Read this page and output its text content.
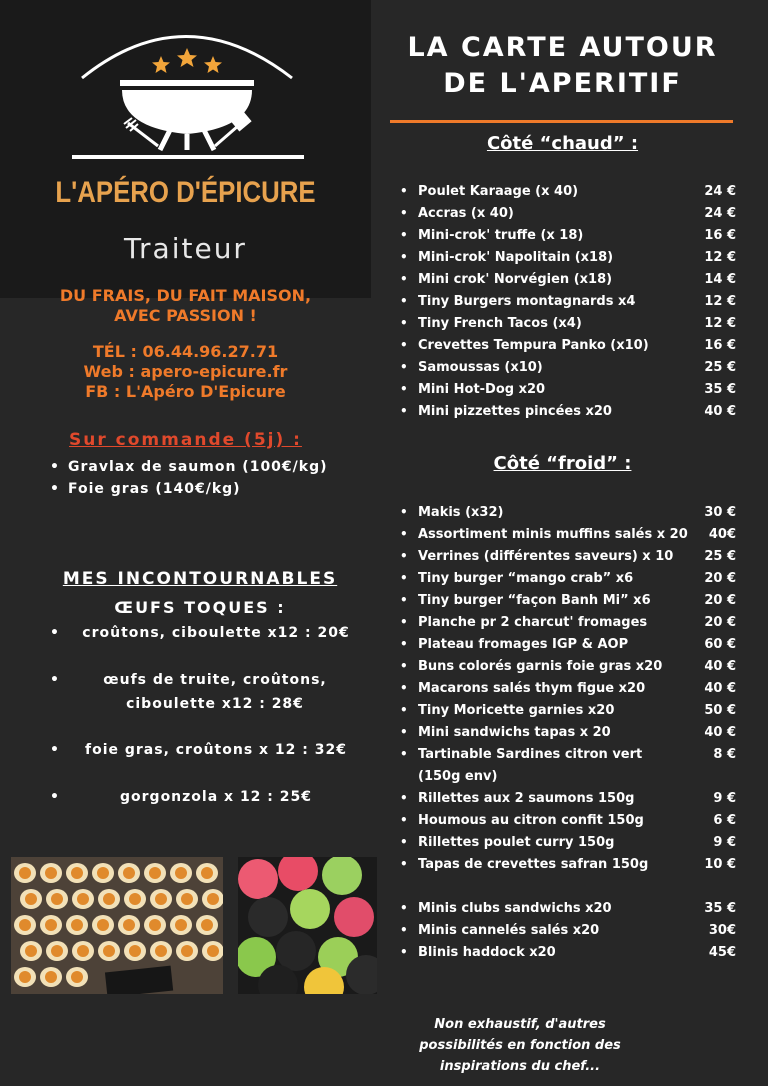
L'APÉRO D'ÉPICURE
Traiteur
DU FRAIS, DU FAIT MAISON,
AVEC PASSION !
TÉL : 06.44.96.27.71
Web : apero-epicure.fr
FB : L'Apéro D'Epicure
Sur commande (5j) :
• Gravlax de saumon (100€/kg)
• Foie gras (140€/kg)
MES INCONTOURNABLES
ŒUFS TOQUES :
•	croûtons, ciboulette x12 : 20€
•	œufs de truite, croûtons, ciboulette x12 : 28€
•	foie gras, croûtons x 12 : 32€
•	gorgonzola x 12 : 25€
LA CARTE AUTOUR
DE L'APERITIF
Côté “chaud” :
• Poulet Karaage (x 40)	24 €
• Accras (x 40)	24 €
• Mini-crok' truffe (x 18)	16 €
• Mini-crok' Napolitain (x18)	12 €
• Mini crok' Norvégien (x18)	14 €
• Tiny Burgers montagnards x4	12 €
• Tiny French Tacos (x4)	12 €
• Crevettes Tempura Panko (x10)	16 €
• Samoussas (x10)	25 €
• Mini Hot-Dog x20	35 €
• Mini pizzettes pincées x20	40 €
Côté “froid” :
• Makis (x32)	30 €
• Assortiment minis muffins salés x 20 40€
• Verrines (différentes saveurs) x 10 25 €
• Tiny burger “mango crab” x6	20 €
• Tiny burger “façon Banh Mi” x6	20 €
• Planche pr 2 charcut' fromages	20 €
• Plateau fromages IGP & AOP	60 €
• Buns colorés garnis foie gras x20	40 €
• Macarons salés thym figue x20	40 €
• Tiny Moricette garnies x20	50 €
• Mini sandwichs tapas x 20	40 €
• Tartinable Sardines citron vert (150g env)
8 €
• Rillettes aux 2 saumons 150g	9 €
• Houmous au citron confit 150g	6 €
• Rillettes poulet curry 150g	9 €
• Tapas de crevettes safran 150g	10 €
• Minis clubs sandwichs x20	35 €
• Minis cannelés salés x20	30€
• Blinis haddock x20	45€
Non exhaustif, d'autres
possibilités en fonction des
inspirations du chef...
